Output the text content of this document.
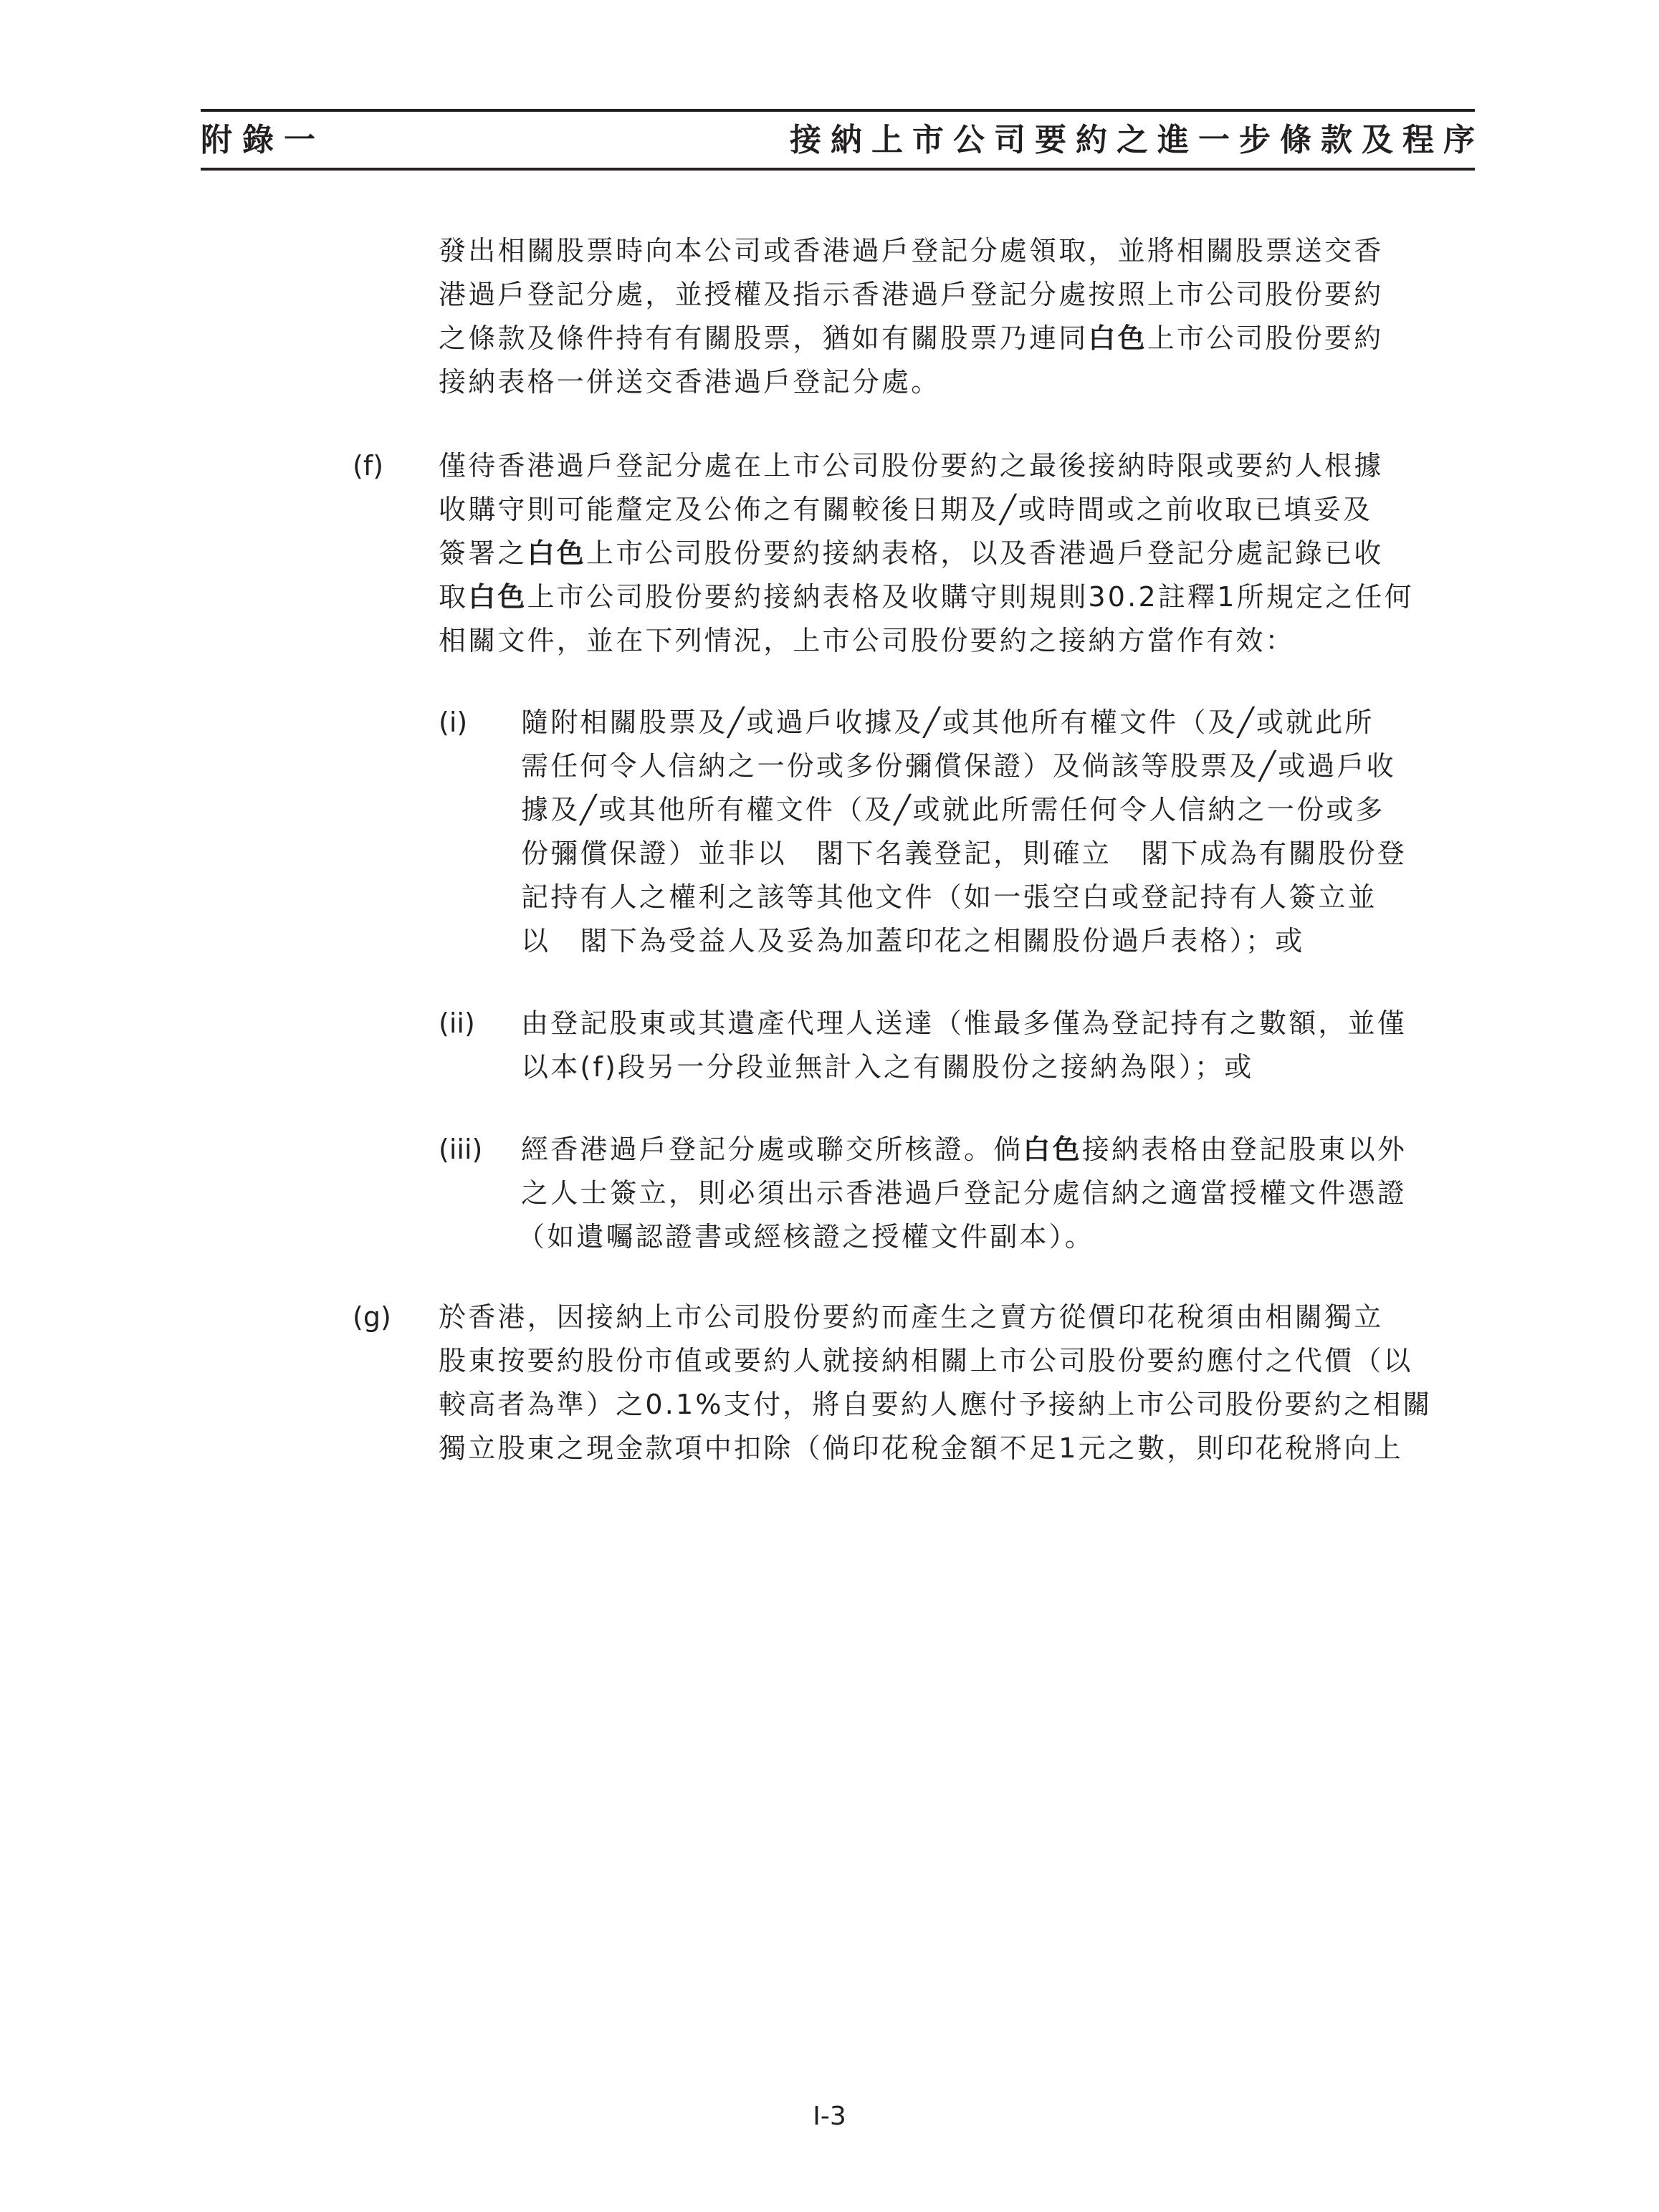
附錄一	接納上市公司要約之進一步條款及程序
發出相關股票時向本公司或香港過戶登記分處領取，並將相關股票送交香
港過戶登記分處，並授權及指示香港過戶登記分處按照上市公司股份要約
之條款及條件持有有關股票，猶如有關股票乃連同白色上市公司股份要約
接納表格一併送交香港過戶登記分處。
(f) 僅待香港過戶登記分處在上市公司股份要約之最後接納時限或要約人根據
收購守則可能釐定及公佈之有關較後日期及╱或時間或之前收取已填妥及
簽署之白色上市公司股份要約接納表格，以及香港過戶登記分處記錄已收
取白色上市公司股份要約接納表格及收購守則規則30.2註釋1所規定之任何
相關文件，並在下列情況，上市公司股份要約之接納方當作有效：
(i) 隨附相關股票及╱或過戶收據及╱或其他所有權文件（及╱或就此所
需任何令人信納之一份或多份彌償保證）及倘該等股票及╱或過戶收
據及╱或其他所有權文件（及╱或就此所需任何令人信納之一份或多
份彌償保證）並非以　閣下名義登記，則確立　閣下成為有關股份登
記持有人之權利之該等其他文件（如一張空白或登記持有人簽立並
以　閣下為受益人及妥為加蓋印花之相關股份過戶表格）；或
(ii) 由登記股東或其遺產代理人送達（惟最多僅為登記持有之數額，並僅
以本(f)段另一分段並無計入之有關股份之接納為限）；或
(iii) 經香港過戶登記分處或聯交所核證。倘白色接納表格由登記股東以外
之人士簽立，則必須出示香港過戶登記分處信納之適當授權文件憑證
（如遺囑認證書或經核證之授權文件副本）。
(g) 於香港，因接納上市公司股份要約而產生之賣方從價印花稅須由相關獨立
股東按要約股份市值或要約人就接納相關上市公司股份要約應付之代價（以
較高者為準）之0.1%支付，將自要約人應付予接納上市公司股份要約之相關
獨立股東之現金款項中扣除（倘印花稅金額不足1元之數，則印花稅將向上
I-3
